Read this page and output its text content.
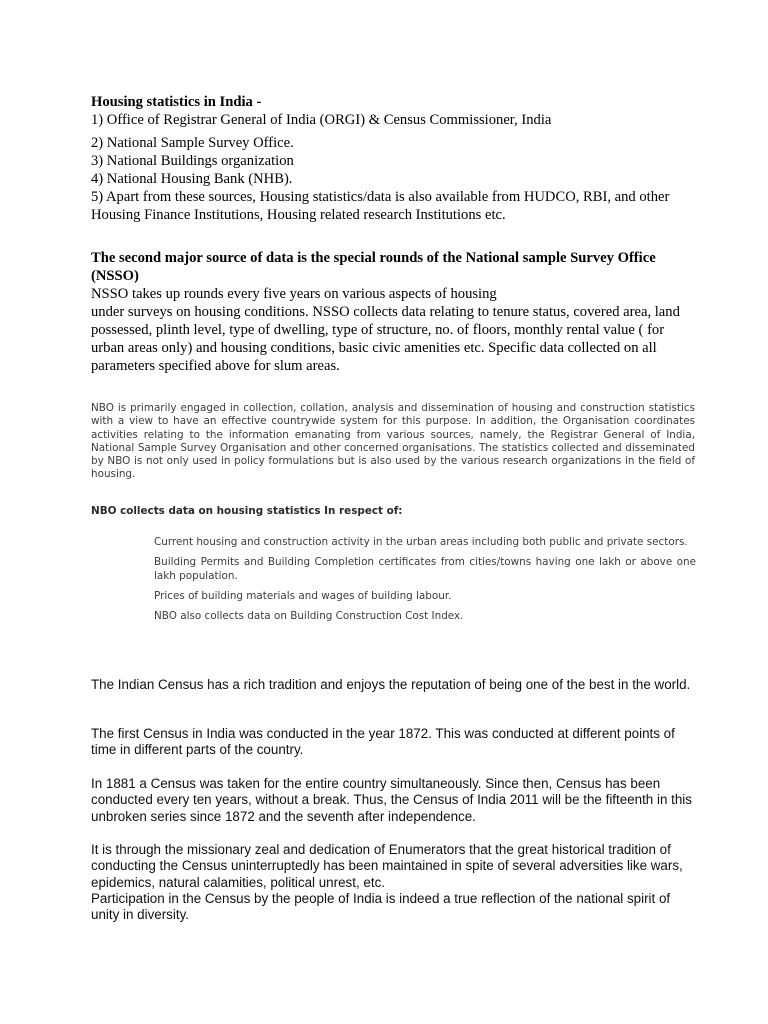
Housing statistics in India -

1) Office of Registrar General of India (ORGI) & Census Commissioner, India

2) National Sample Survey Office.

3) National Buildings organization

4) National Housing Bank (NHB).

5) Apart from these sources, Housing statistics/data is also available from HUDCO, RBI, and other Housing Finance Institutions, Housing related research Institutions etc.

The second major source of data is the special rounds of the National sample Survey Office (NSSO)

NSSO takes up rounds every five years on various aspects of housing

under surveys on housing conditions. NSSO collects data relating to tenure status, covered area, land possessed, plinth level, type of dwelling, type of structure, no. of floors, monthly rental value ( for urban areas only) and housing conditions, basic civic amenities etc. Specific data collected on all parameters specified above for slum areas.

NBO is primarily engaged in collection, collation, analysis and dissemination of housing and construction statistics with a view to have an effective countrywide system for this purpose. In addition, the Organisation coordinates activities relating to the information emanating from various sources, namely, the Registrar General of India, National Sample Survey Organisation and other concerned organisations. The statistics collected and disseminated by NBO is not only used in policy formulations but is also used by the various research organizations in the field of housing.

NBO collects data on housing statistics In respect of:

Current housing and construction activity in the urban areas including both public and private sectors.
Building Permits and Building Completion certificates from cities/towns having one lakh or above one lakh population.
Prices of building materials and wages of building labour.
NBO also collects data on Building Construction Cost Index.

The Indian Census has a rich tradition and enjoys the reputation of being one of the best in the world.

The first Census in India was conducted in the year 1872. This was conducted at different points of time in different parts of the country.

In 1881 a Census was taken for the entire country simultaneously. Since then, Census has been conducted every ten years, without a break. Thus, the Census of India 2011 will be the fifteenth in this unbroken series since 1872 and the seventh after independence.

It is through the missionary zeal and dedication of Enumerators that the great historical tradition of conducting the Census uninterruptedly has been maintained in spite of several adversities like wars, epidemics, natural calamities, political unrest, etc.

Participation in the Census by the people of India is indeed a true reflection of the national spirit of unity in diversity.
